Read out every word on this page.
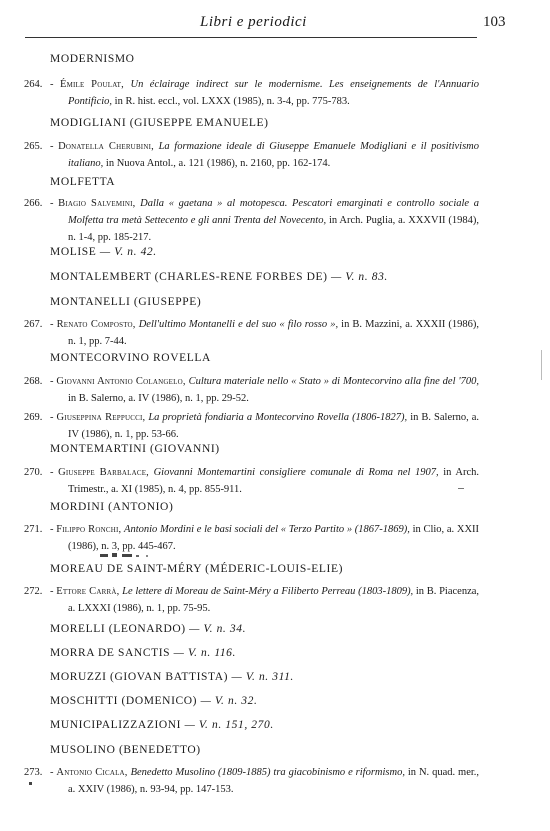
Libri e periodici	103
MODERNISMO
264. - Émile Poulat, Un éclairage indirect sur le modernisme. Les enseignements de l'Annuario Pontificio, in R. hist. eccl., vol. LXXX (1985), n. 3-4, pp. 775-783.
MODIGLIANI (GIUSEPPE EMANUELE)
265. - Donatella Cherubini, La formazione ideale di Giuseppe Emanuele Modigliani e il positivismo italiano, in Nuova Antol., a. 121 (1986), n. 2160, pp. 162-174.
MOLFETTA
266. - Biagio Salvemini, Dalla « gaetana » al motopesca. Pescatori emarginati e controllo sociale a Molfetta tra metà Settecento e gli anni Trenta del Novecento, in Arch. Puglia, a. XXXVII (1984), n. 1-4, pp. 185-217.
MOLISE — V. n. 42.
MONTALEMBERT (CHARLES-RENE FORBES DE) — V. n. 83.
MONTANELLI (GIUSEPPE)
267. - Renato Composto, Dell'ultimo Montanelli e del suo « filo rosso », in B. Mazzini, a. XXXII (1986), n. 1, pp. 7-44.
MONTECORVINO ROVELLA
268. - Giovanni Antonio Colangelo, Cultura materiale nello « Stato » di Montecorvino alla fine del '700, in B. Salerno, a. IV (1986), n. 1, pp. 29-52.
269. - Giuseppina Reppucci, La proprietà fondiaria a Montecorvino Rovella (1806-1827), in B. Salerno, a. IV (1986), n. 1, pp. 53-66.
MONTEMARTINI (GIOVANNI)
270. - Giuseppe Barbalace, Giovanni Montemartini consigliere comunale di Roma nel 1907, in Arch. Trimestr., a. XI (1985), n. 4, pp. 855-911.
MORDINI (ANTONIO)
271. - Filippo Ronchi, Antonio Mordini e le basi sociali del « Terzo Partito » (1867-1869), in Clio, a. XXII (1986), n. 3, pp. 445-467.
MOREAU DE SAINT-MÉRY (MÉDERIC-LOUIS-ELIE)
272. - Ettore Carrà, Le lettere di Moreau de Saint-Méry a Filiberto Perreau (1803-1809), in B. Piacenza, a. LXXXI (1986), n. 1, pp. 75-95.
MORELLI (LEONARDO) — V. n. 34.
MORRA DE SANCTIS — V. n. 116.
MORUZZI (GIOVAN BATTISTA) — V. n. 311.
MOSCHITTI (DOMENICO) — V. n. 32.
MUNICIPALIZZAZIONI — V. n. 151, 270.
MUSOLINO (BENEDETTO)
273. - Antonio Cicala, Benedetto Musolino (1809-1885) tra giacobinismo e riformismo, in N. quad. mer., a. XXIV (1986), n. 93-94, pp. 147-153.
